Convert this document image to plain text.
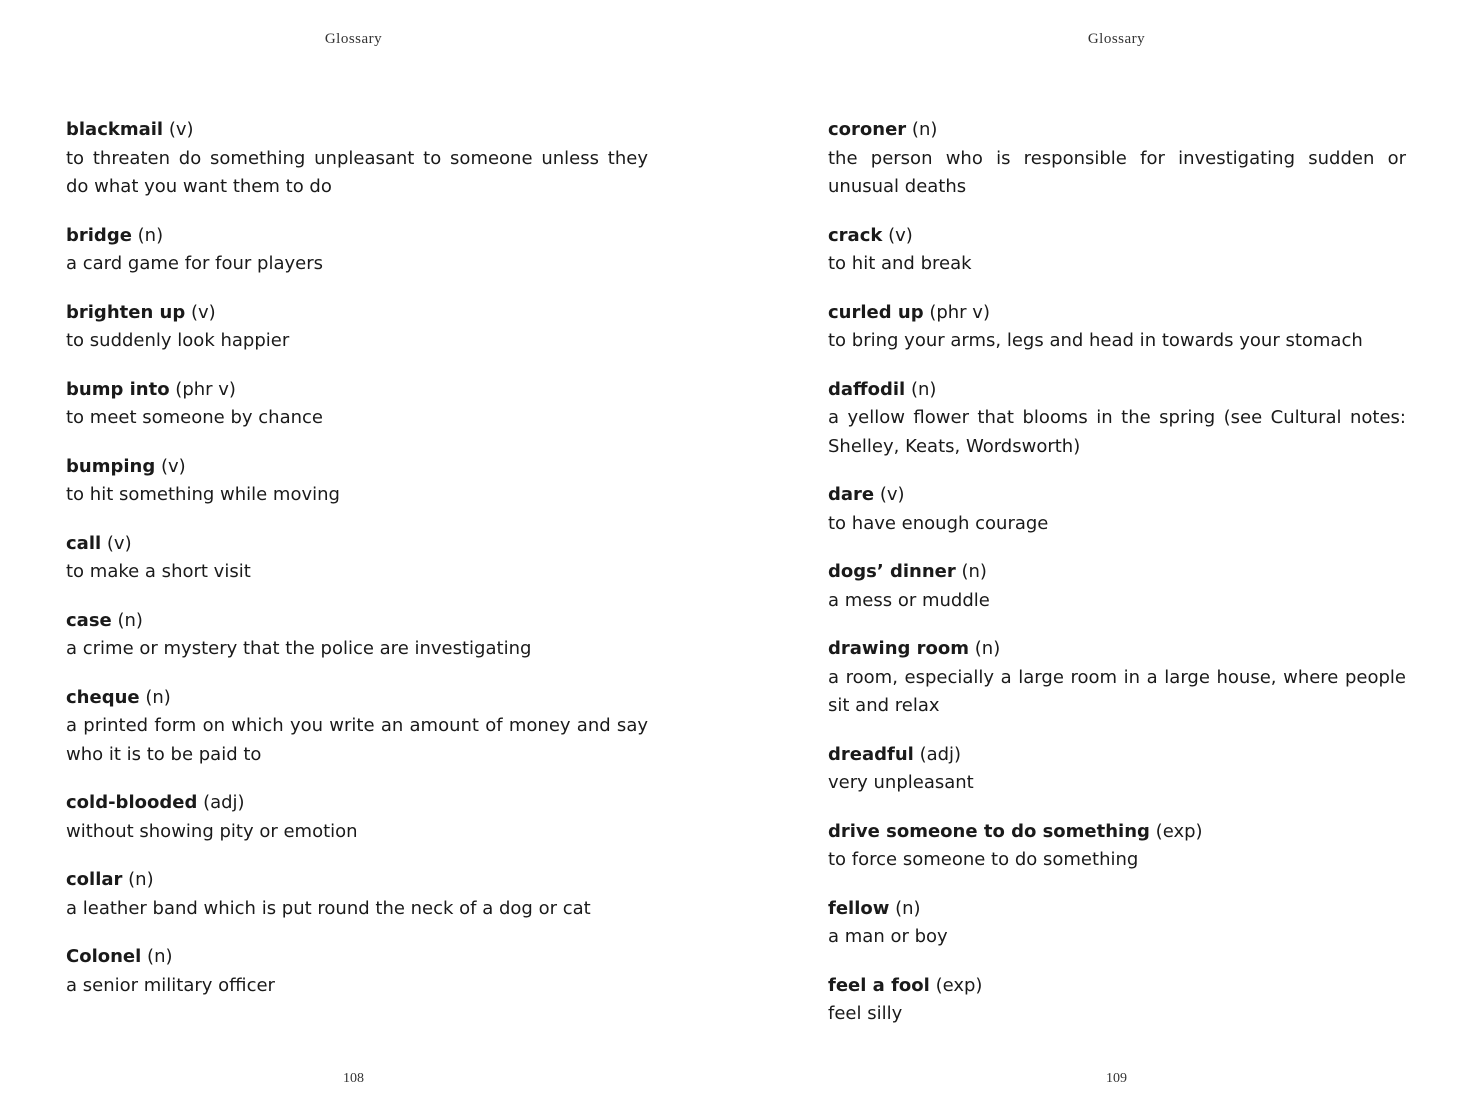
Glossary

blackmail (v)

to threaten do something unpleasant to someone unless they do what you want them to do

bridge (n)

a card game for four players

brighten up (v)

to suddenly look happier

bump into (phr v)

to meet someone by chance

bumping (v)

to hit something while moving

call (v)

to make a short visit

case (n)

a crime or mystery that the police are investigating

cheque (n)

a printed form on which you write an amount of money and say who it is to be paid to

cold-blooded (adj)

without showing pity or emotion

collar (n)

a leather band which is put round the neck of a dog or cat

Colonel (n)

a senior military officer

108
Glossary

coroner (n)

the person who is responsible for investigating sudden or unusual deaths

crack (v)

to hit and break

curled up (phr v)

to bring your arms, legs and head in towards your stomach

daffodil (n)

a yellow flower that blooms in the spring (see Cultural notes: Shelley, Keats, Wordsworth)

dare (v)

to have enough courage

dogs’ dinner (n)

a mess or muddle

drawing room (n)

a room, especially a large room in a large house, where people sit and relax

dreadful (adj)

very unpleasant

drive someone to do something (exp)

to force someone to do something

fellow (n)

a man or boy

feel a fool (exp)

feel silly

109
